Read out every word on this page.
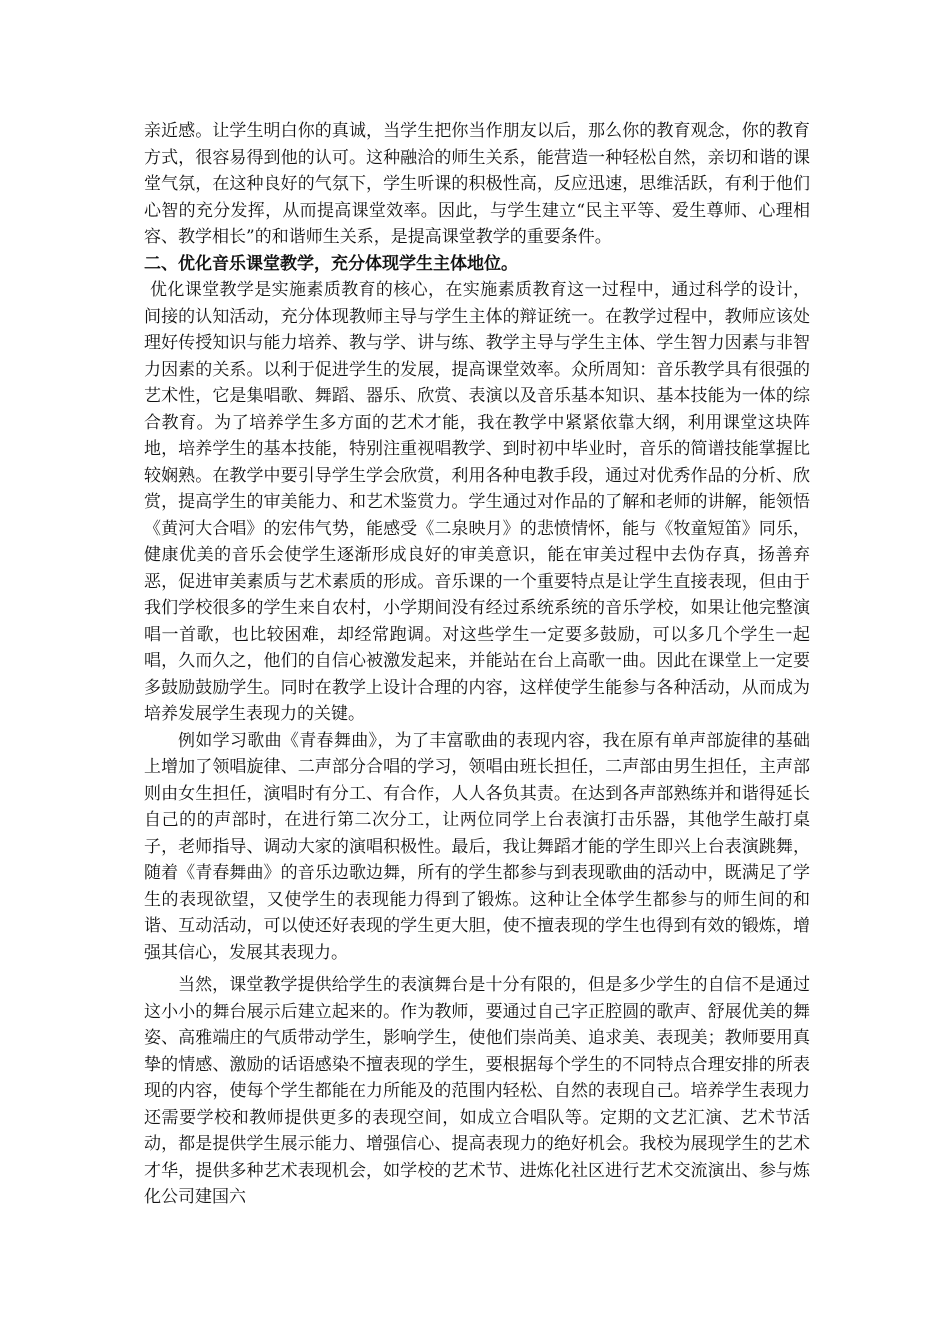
亲近感。让学生明白你的真诚，当学生把你当作朋友以后，那么你的教育观念，你的教育方式，很容易得到他的认可。这种融洽的师生关系，能营造一种轻松自然，亲切和谐的课堂气氛，在这种良好的气氛下，学生听课的积极性高，反应迅速，思维活跃，有利于他们心智的充分发挥，从而提高课堂效率。因此，与学生建立“民主平等、爱生尊师、心理相容、教学相长”的和谐师生关系，是提高课堂教学的重要条件。

二、优化音乐课堂教学，充分体现学生主体地位。

优化课堂教学是实施素质教育的核心，在实施素质教育这一过程中，通过科学的设计，间接的认知活动，充分体现教师主导与学生主体的辩证统一。在教学过程中，教师应该处理好传授知识与能力培养、教与学、讲与练、教学主导与学生主体、学生智力因素与非智力因素的关系。以利于促进学生的发展，提高课堂效率。众所周知：音乐教学具有很强的艺术性，它是集唱歌、舞蹈、器乐、欣赏、表演以及音乐基本知识、基本技能为一体的综合教育。为了培养学生多方面的艺术才能，我在教学中紧紧依靠大纲，利用课堂这块阵地，培养学生的基本技能，特别注重视唱教学、到时初中毕业时，音乐的简谱技能掌握比较娴熟。在教学中要引导学生学会欣赏，利用各种电教手段，通过对优秀作品的分析、欣赏，提高学生的审美能力、和艺术鉴赏力。学生通过对作品的了解和老师的讲解，能领悟《黄河大合唱》的宏伟气势，能感受《二泉映月》的悲愤情怀，能与《牧童短笛》同乐，健康优美的音乐会使学生逐渐形成良好的审美意识，能在审美过程中去伪存真，扬善弃恶，促进审美素质与艺术素质的形成。音乐课的一个重要特点是让学生直接表现，但由于我们学校很多的学生来自农村，小学期间没有经过系统系统的音乐学校，如果让他完整演唱一首歌，也比较困难，却经常跑调。对这些学生一定要多鼓励，可以多几个学生一起唱，久而久之，他们的自信心被激发起来，并能站在台上高歌一曲。因此在课堂上一定要多鼓励鼓励学生。同时在教学上设计合理的内容，这样使学生能参与各种活动，从而成为培养发展学生表现力的关键。

例如学习歌曲《青春舞曲》，为了丰富歌曲的表现内容，我在原有单声部旋律的基础上增加了领唱旋律、二声部分合唱的学习，领唱由班长担任，二声部由男生担任，主声部则由女生担任，演唱时有分工、有合作，人人各负其责。在达到各声部熟练并和谐得延长自己的的声部时，在进行第二次分工，让两位同学上台表演打击乐器，其他学生敲打桌子，老师指导、调动大家的演唱积极性。最后，我让舞蹈才能的学生即兴上台表演跳舞，随着《青春舞曲》的音乐边歌边舞，所有的学生都参与到表现歌曲的活动中，既满足了学生的表现欲望，又使学生的表现能力得到了锻炼。这种让全体学生都参与的师生间的和谐、互动活动，可以使还好表现的学生更大胆，使不擅表现的学生也得到有效的锻炼，增强其信心，发展其表现力。

当然，课堂教学提供给学生的表演舞台是十分有限的，但是多少学生的自信不是通过这小小的舞台展示后建立起来的。作为教师，要通过自己字正腔圆的歌声、舒展优美的舞姿、高雅端庄的气质带动学生，影响学生，使他们崇尚美、追求美、表现美；教师要用真挚的情感、激励的话语感染不擅表现的学生，要根据每个学生的不同特点合理安排的所表现的内容，使每个学生都能在力所能及的范围内轻松、自然的表现自己。培养学生表现力还需要学校和教师提供更多的表现空间，如成立合唱队等。定期的文艺汇演、艺术节活动，都是提供学生展示能力、增强信心、提高表现力的绝好机会。我校为展现学生的艺术才华，提供多种艺术表现机会，如学校的艺术节、进炼化社区进行艺术交流演出、参与炼化公司建国六
